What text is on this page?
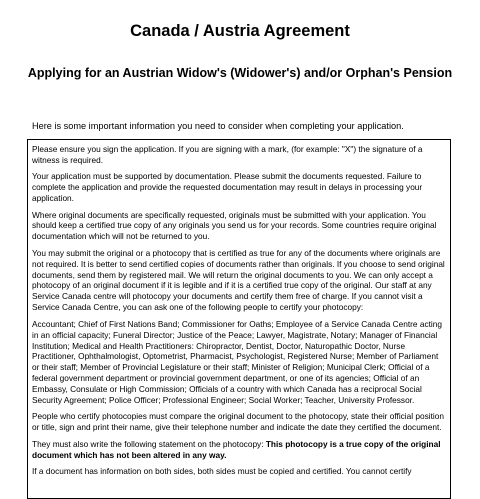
Canada / Austria Agreement
Applying for an Austrian Widow's (Widower's) and/or Orphan's Pension

Here is some important information you need to consider when completing your application.

Please ensure you sign the application. If you are signing with a mark, (for example: "X") the signature of a witness is required.

Your application must be supported by documentation. Please submit the documents requested. Failure to complete the application and provide the requested documentation may result in delays in processing your application.

Where original documents are specifically requested, originals must be submitted with your application. You should keep a certified true copy of any originals you send us for your records. Some countries require original documentation which will not be returned to you.

You may submit the original or a photocopy that is certified as true for any of the documents where originals are not required. It is better to send certified copies of documents rather than originals. If you choose to send original documents, send them by registered mail. We will return the original documents to you. We can only accept a photocopy of an original document if it is legible and if it is a certified true copy of the original. Our staff at any Service Canada centre will photocopy your documents and certify them free of charge. If you cannot visit a Service Canada Centre, you can ask one of the following people to certify your photocopy:

Accountant; Chief of First Nations Band; Commissioner for Oaths; Employee of a Service Canada Centre acting in an official capacity; Funeral Director; Justice of the Peace; Lawyer, Magistrate, Notary; Manager of Financial Institution; Medical and Health Practitioners: Chiropractor, Dentist, Doctor, Naturopathic Doctor, Nurse Practitioner, Ophthalmologist, Optometrist, Pharmacist, Psychologist, Registered Nurse; Member of Parliament or their staff; Member of Provincial Legislature or their staff; Minister of Religion; Municipal Clerk; Official of a federal government department or provincial government department, or one of its agencies; Official of an Embassy, Consulate or High Commission; Officials of a country with which Canada has a reciprocal Social Security Agreement; Police Officer; Professional Engineer; Social Worker; Teacher, University Professor.

People who certify photocopies must compare the original document to the photocopy, state their official position or title, sign and print their name, give their telephone number and indicate the date they certified the document.

They must also write the following statement on the photocopy: This photocopy is a true copy of the original document which has not been altered in any way.

If a document has information on both sides, both sides must be copied and certified. You cannot certify
